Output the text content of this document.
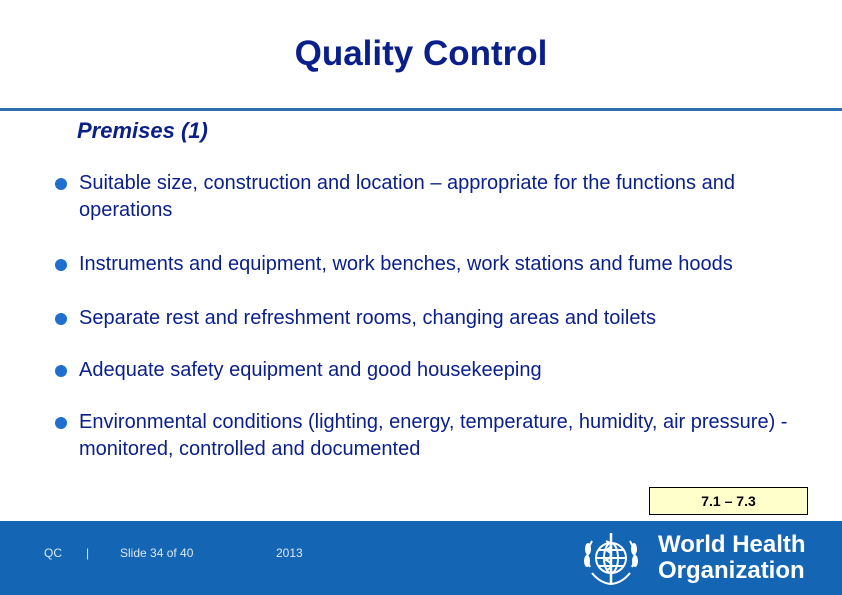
Quality Control
Premises (1)
Suitable size, construction and location – appropriate for the functions and operations
Instruments and equipment, work benches, work stations and fume hoods
Separate rest and refreshment rooms, changing areas and toilets
Adequate safety equipment and good housekeeping
Environmental conditions (lighting, energy, temperature, humidity, air pressure) - monitored, controlled and documented
7.1 – 7.3
QC |	Slide 34 of 40	2013	World Health
Organization
